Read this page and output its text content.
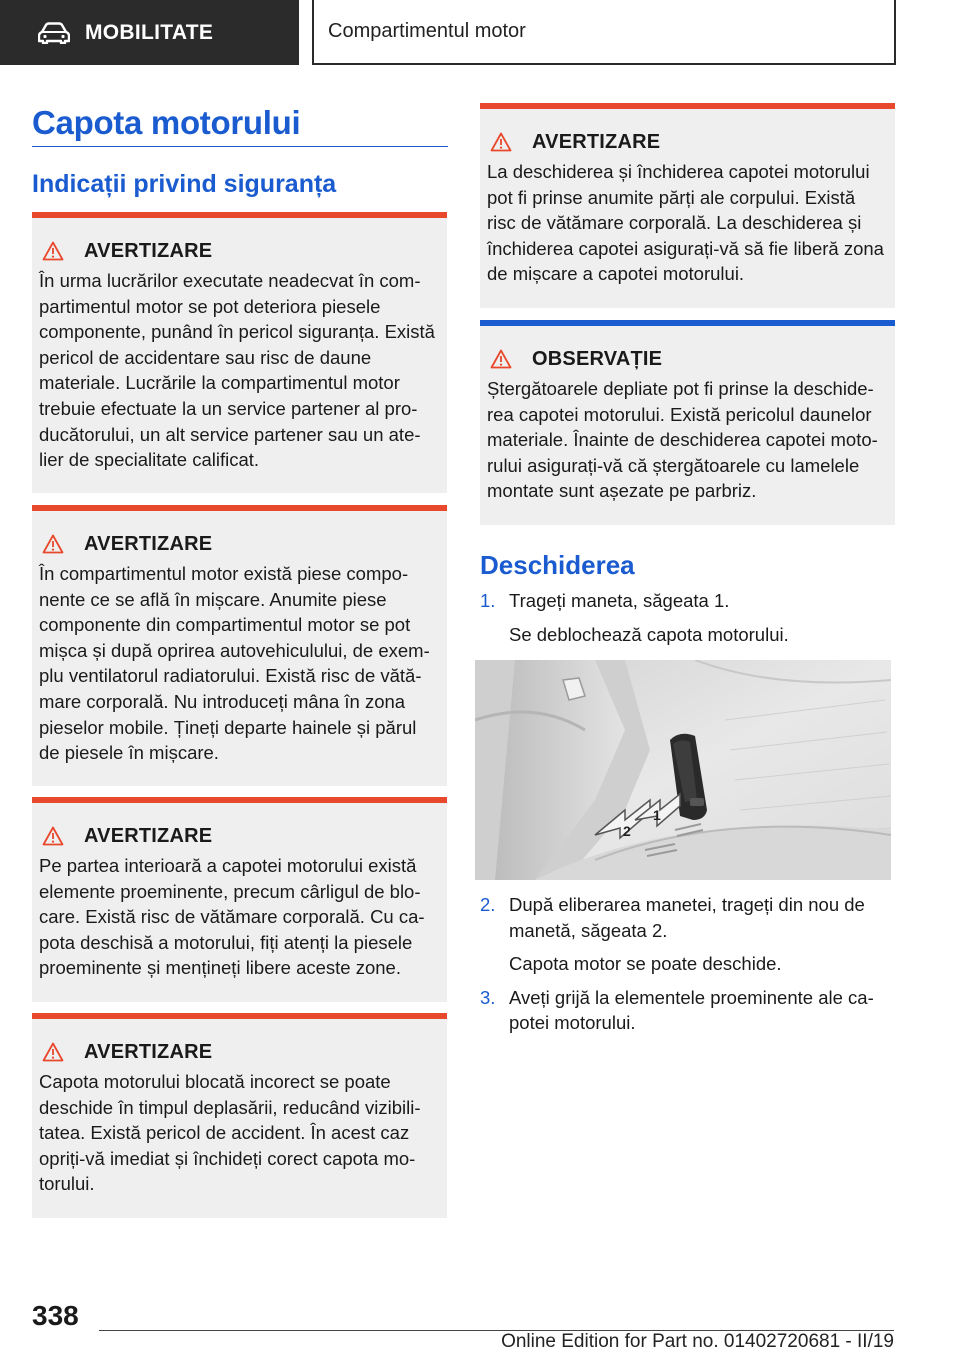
MOBILITATE	Compartimentul motor
Capota motorului
Indicații privind siguranța
AVERTIZARE
În urma lucrărilor executate neadecvat în com-partimentul motor se pot deteriora piesele componente, punând în pericol siguranța. Există pericol de accidentare sau risc de daune materiale. Lucrările la compartimentul motor trebuie efectuate la un service partener al pro-ducătorului, un alt service partener sau un ate-lier de specialitate calificat.
AVERTIZARE
În compartimentul motor există piese compo-nente ce se află în mișcare. Anumite piese componente din compartimentul motor se pot mișca și după oprirea autovehiculului, de exem-plu ventilatorul radiatorului. Există risc de vătă-mare corporală. Nu introduceți mâna în zona pieselor mobile. Țineți departe hainele și părul de piesele în mișcare.
AVERTIZARE
Pe partea interioară a capotei motorului există elemente proeminente, precum cârligul de blo-care. Există risc de vătămare corporală. Cu ca-pota deschisă a motorului, fiți atenți la piesele proeminente și mențineți libere aceste zone.
AVERTIZARE
Capota motorului blocată incorect se poate deschide în timpul deplasării, reducând vizibili-tatea. Există pericol de accident. În acest caz opriți-vă imediat și închideți corect capota mo-torului.
AVERTIZARE
La deschiderea și închiderea capotei motorului pot fi prinse anumite părți ale corpului. Există risc de vătămare corporală. La deschiderea și închiderea capotei asigurați-vă să fie liberă zona de mișcare a capotei motorului.
OBSERVAȚIE
Ștergătoarele depliate pot fi prinse la deschide-rea capotei motorului. Există pericolul daunelor materiale. Înainte de deschiderea capotei moto-rului asigurați-vă că ștergătoarele cu lamelele montate sunt așezate pe parbriz.
Deschiderea
1. Trageți maneta, săgeata 1.
Se deblochează capota motorului.
2
1
2. După eliberarea manetei, trageți din nou de manetă, săgeata 2.
Capota motor se poate deschide.
3. Aveți grijă la elementele proeminente ale ca-potei motorului.
338
Online Edition for Part no. 01402720681 - II/19
